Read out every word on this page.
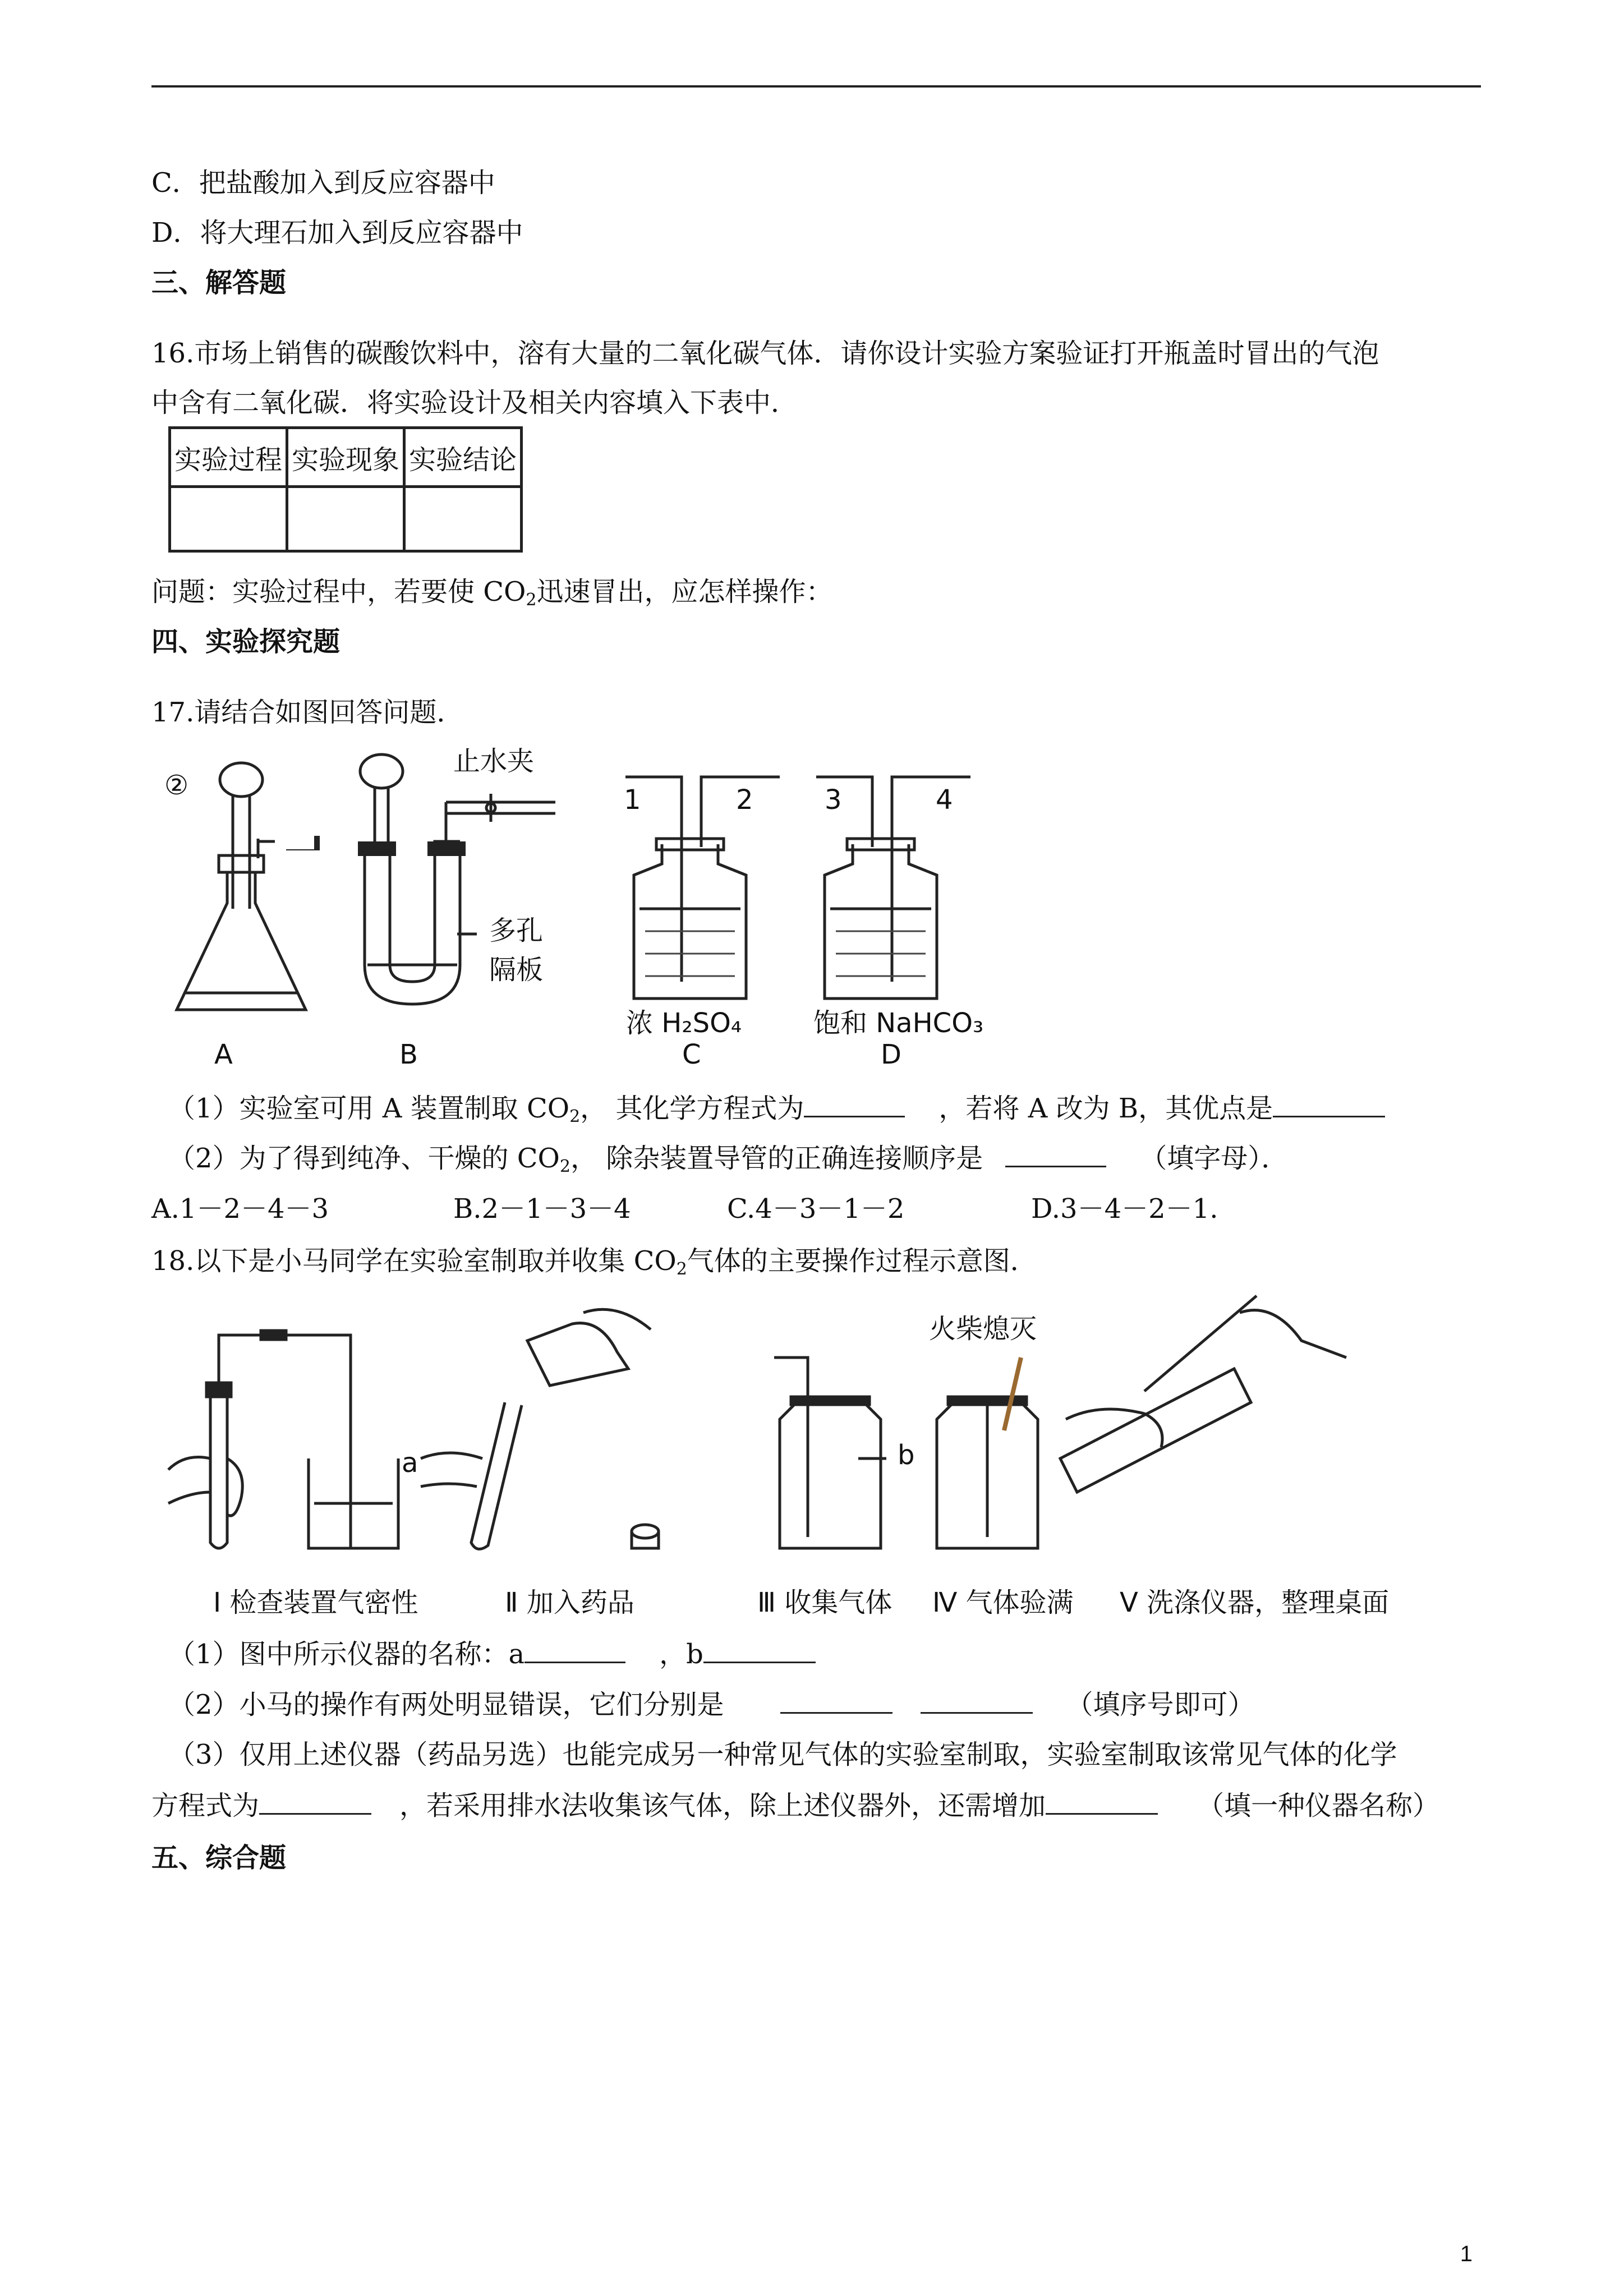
C．把盐酸加入到反应容器中
D．将大理石加入到反应容器中
三、解答题
16.市场上销售的碳酸饮料中，溶有大量的二氧化碳气体．请你设计实验方案验证打开瓶盖时冒出的气泡
中含有二氧化碳．将实验设计及相关内容填入下表中．
实验过程	实验现象	实验结论

问题：实验过程中，若要使 $CO_2$迅速冒出，应怎样操作：
四、实验探究题
17.请结合如图回答问题．
②
止水夹
多孔
隔板
1	2	3	4
浓 H₂SO₄	饱和 NaHCO₃
A	B	C	D
（1）实验室可用 A 装置制取 $CO_2$， 其化学方程式为	，若将 A 改为 B，其优点是
（2）为了得到纯净、干燥的 $CO_2$， 除杂装置导管的正确连接顺序是	（填字母）．
A.1－2－4－3	B.2－1－3－4	C.4－3－1－2	D.3－4－2－1.
18.以下是小马同学在实验室制取并收集 $CO_2$气体的主要操作过程示意图．
火柴熄灭
a	b
Ⅰ 检查装置气密性	Ⅱ 加入药品	Ⅲ 收集气体 Ⅳ 气体验满 Ⅴ 洗涤仪器，整理桌面
（1）图中所示仪器的名称：a	，b
（2）小马的操作有两处明显错误，它们分别是	（填序号即可）
（3）仅用上述仪器（药品另选）也能完成另一种常见气体的实验室制取，实验室制取该常见气体的化学
方程式为	，若采用排水法收集该气体，除上述仪器外，还需增加	（填一种仪器名称）
五、综合题
1
